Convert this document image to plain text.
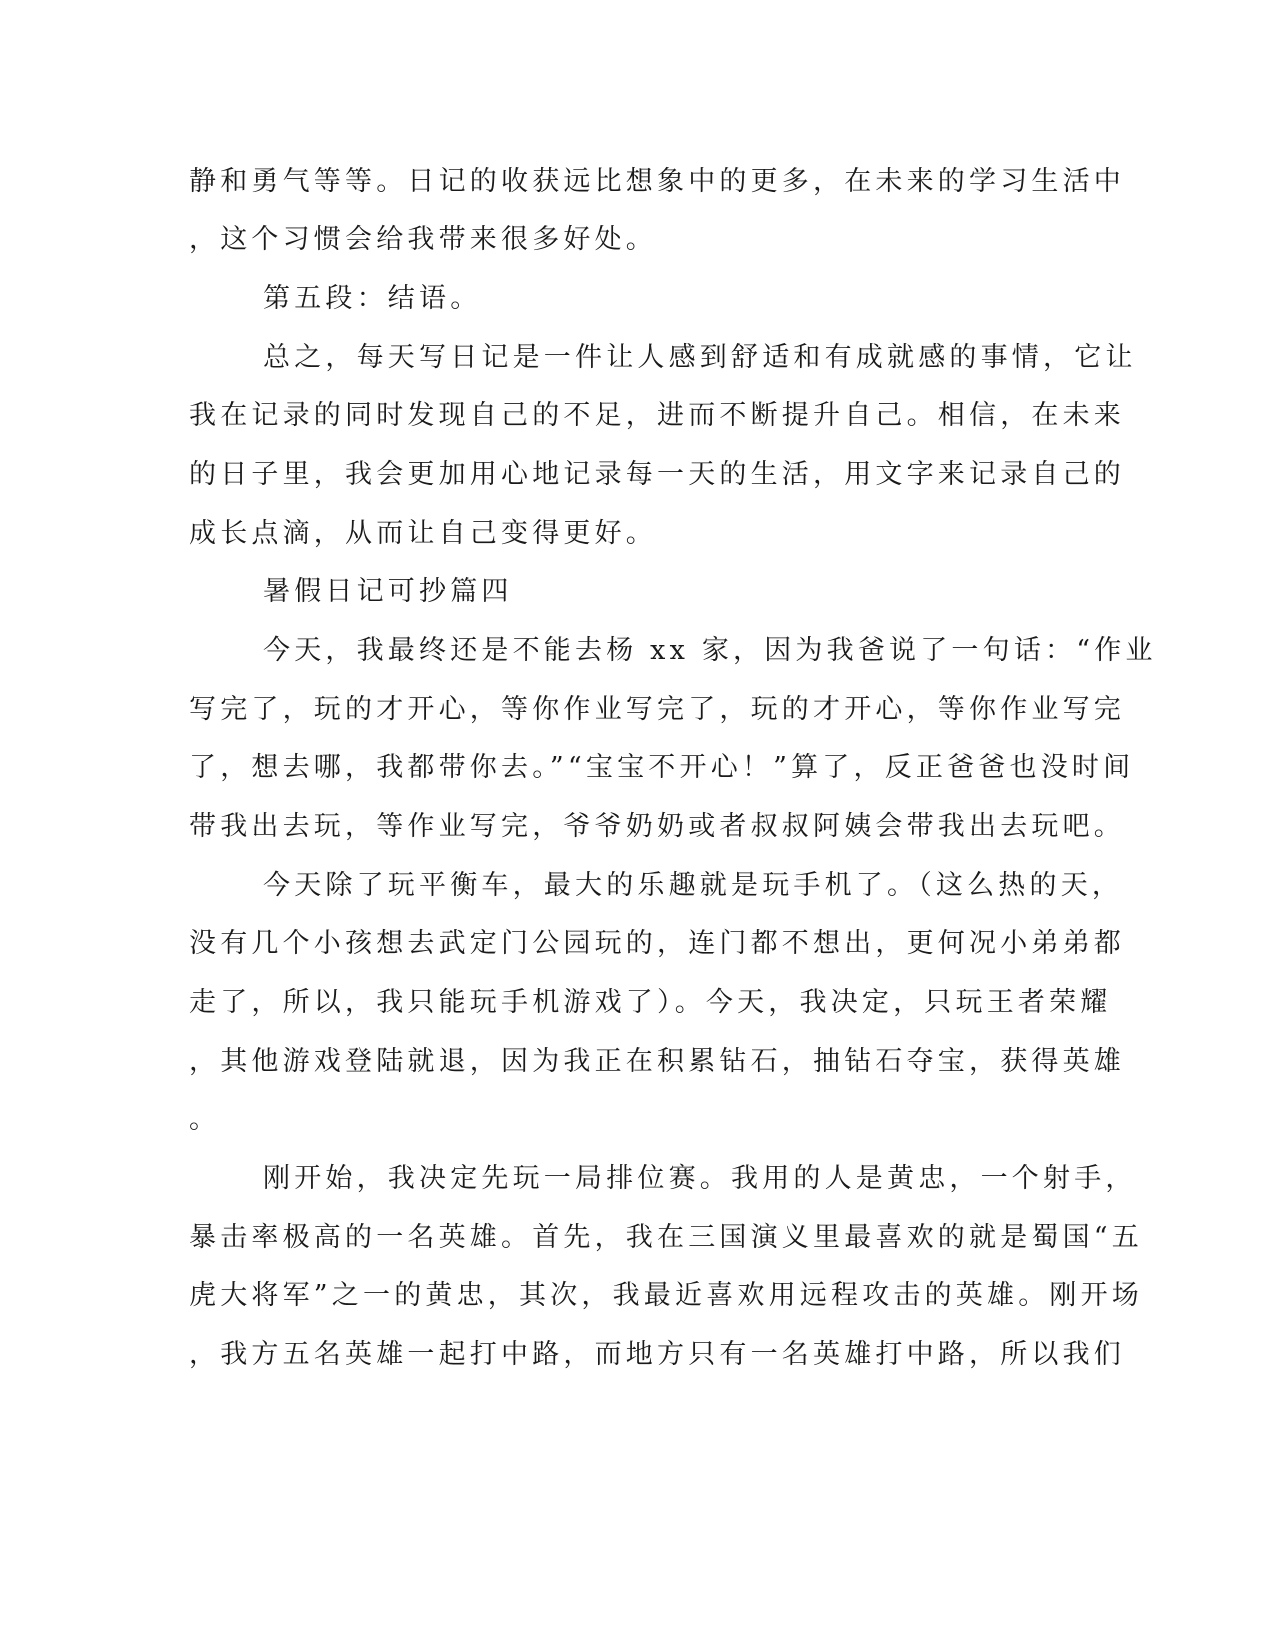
静和勇气等等。日记的收获远比想象中的更多，在未来的学习生活中

，这个习惯会给我带来很多好处。

第五段：结语。

总之，每天写日记是一件让人感到舒适和有成就感的事情，它让

我在记录的同时发现自己的不足，进而不断提升自己。相信，在未来

的日子里，我会更加用心地记录每一天的生活，用文字来记录自己的

成长点滴，从而让自己变得更好。

暑假日记可抄篇四

今天，我最终还是不能去杨 xx 家，因为我爸说了一句话：“作业

写完了，玩的才开心，等你作业写完了，玩的才开心，等你作业写完

了，想去哪，我都带你去。”“宝宝不开心！”算了，反正爸爸也没时间

带我出去玩，等作业写完，爷爷奶奶或者叔叔阿姨会带我出去玩吧。

今天除了玩平衡车，最大的乐趣就是玩手机了。（这么热的天，

没有几个小孩想去武定门公园玩的，连门都不想出，更何况小弟弟都

走了，所以，我只能玩手机游戏了）。今天，我决定，只玩王者荣耀

，其他游戏登陆就退，因为我正在积累钻石，抽钻石夺宝，获得英雄

。

刚开始，我决定先玩一局排位赛。我用的人是黄忠，一个射手，

暴击率极高的一名英雄。首先，我在三国演义里最喜欢的就是蜀国“五

虎大将军”之一的黄忠，其次，我最近喜欢用远程攻击的英雄。刚开场

，我方五名英雄一起打中路，而地方只有一名英雄打中路，所以我们
